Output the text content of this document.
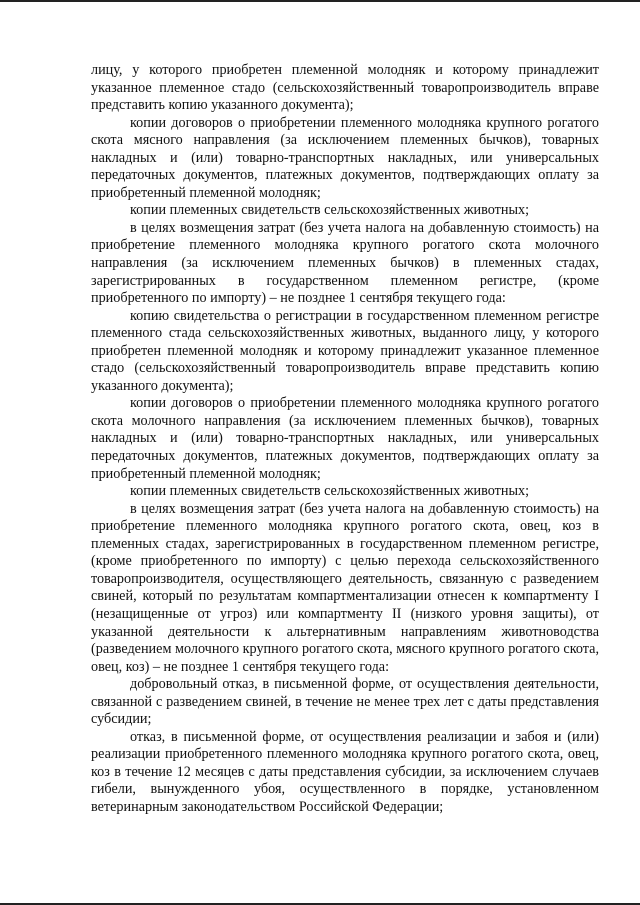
лицу, у которого приобретен племенной молодняк и которому принадлежит указанное племенное стадо (сельскохозяйственный товаропроизводитель вправе представить копию указанного документа);

копии договоров о приобретении племенного молодняка крупного рогатого скота мясного направления (за исключением племенных бычков), товарных накладных и (или) товарно-транспортных накладных, или универсальных передаточных документов, платежных документов, подтверждающих оплату за приобретенный племенной молодняк;

копии племенных свидетельств сельскохозяйственных животных;

в целях возмещения затрат (без учета налога на добавленную стоимость) на приобретение племенного молодняка крупного рогатого скота молочного направления (за исключением племенных бычков) в племенных стадах, зарегистрированных в государственном племенном регистре, (кроме приобретенного по импорту) – не позднее 1 сентября текущего года:

копию свидетельства о регистрации в государственном племенном регистре племенного стада сельскохозяйственных животных, выданного лицу, у которого приобретен племенной молодняк и которому принадлежит указанное племенное стадо (сельскохозяйственный товаропроизводитель вправе представить копию указанного документа);

копии договоров о приобретении племенного молодняка крупного рогатого скота молочного направления (за исключением племенных бычков), товарных накладных и (или) товарно-транспортных накладных, или универсальных передаточных документов, платежных документов, подтверждающих оплату за приобретенный племенной молодняк;

копии племенных свидетельств сельскохозяйственных животных;

в целях возмещения затрат (без учета налога на добавленную стоимость) на приобретение племенного молодняка крупного рогатого скота, овец, коз в племенных стадах, зарегистрированных в государственном племенном регистре, (кроме приобретенного по импорту) с целью перехода сельскохозяйственного товаропроизводителя, осуществляющего деятельность, связанную с разведением свиней, который по результатам компартментализации отнесен к компартменту I (незащищенные от угроз) или компартменту II (низкого уровня защиты), от указанной деятельности к альтернативным направлениям животноводства (разведением молочного крупного рогатого скота, мясного крупного рогатого скота, овец, коз) – не позднее 1 сентября текущего года:

добровольный отказ, в письменной форме, от осуществления деятельности, связанной с разведением свиней, в течение не менее трех лет с даты представления субсидии;

отказ, в письменной форме, от осуществления реализации и забоя и (или) реализации приобретенного племенного молодняка крупного рогатого скота, овец, коз в течение 12 месяцев с даты представления субсидии, за исключением случаев гибели, вынужденного убоя, осуществленного в порядке, установленном ветеринарным законодательством Российской Федерации;
